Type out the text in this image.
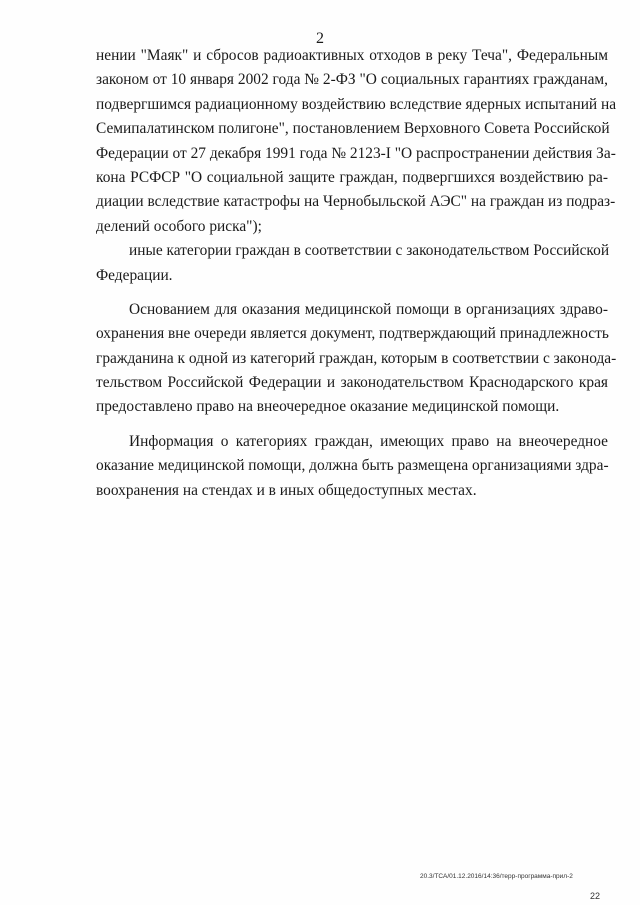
2
нении "Маяк" и сбросов радиоактивных отходов в реку Теча", Федеральным
законом от 10 января 2002 года № 2-ФЗ "О социальных гарантиях гражданам,
подвергшимся радиационному воздействию вследствие ядерных испытаний на
Семипалатинском полигоне", постановлением Верховного Совета Российской
Федерации от 27 декабря 1991 года № 2123-I "О распространении действия За-
кона РСФСР "О социальной защите граждан, подвергшихся воздействию ра-
диации вследствие катастрофы на Чернобыльской АЭС" на граждан из подраз-
делений особого риска");
иные категории граждан в соответствии с законодательством Российской
Федерации.
Основанием для оказания медицинской помощи в организациях здраво-
охранения вне очереди является документ, подтверждающий принадлежность
гражданина к одной из категорий граждан, которым в соответствии с законода-
тельством Российской Федерации и законодательством Краснодарского края
предоставлено право на внеочередное оказание медицинской помощи.
Информация о категориях граждан, имеющих право на внеочередное
оказание медицинской помощи, должна быть размещена организациями здра-
воохранения на стендах и в иных общедоступных местах.
20.3/ТСА/01.12.2016/14:36/терр-программа-прил-2
22
